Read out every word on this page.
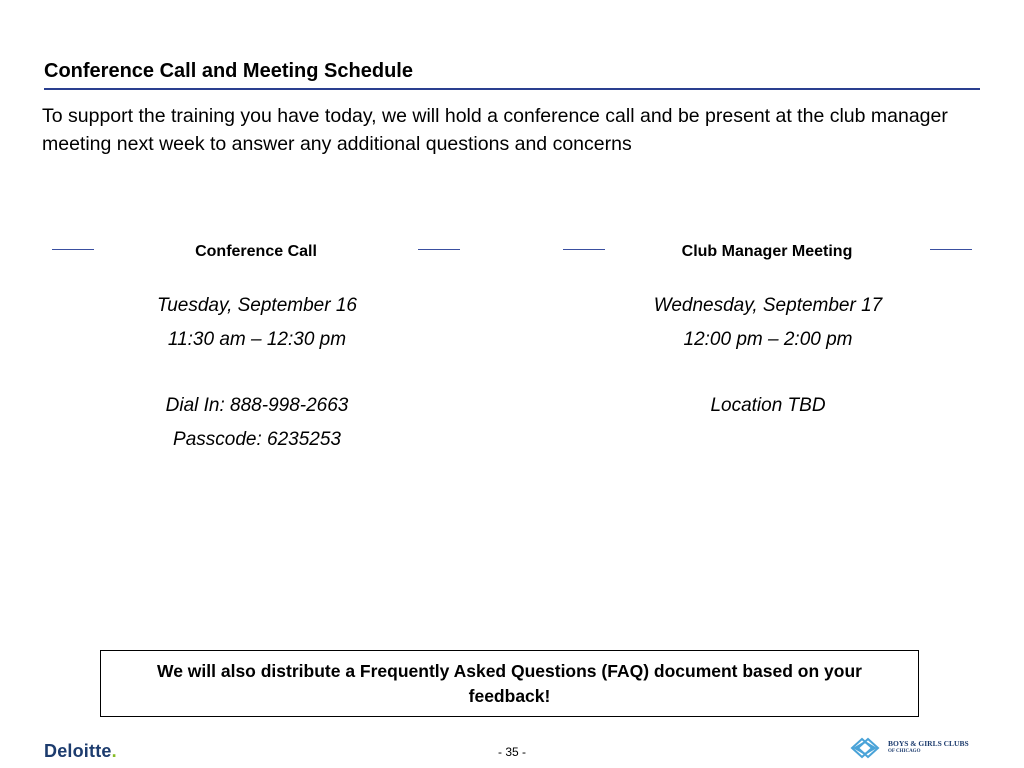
Conference Call and Meeting Schedule
To support the training you have today, we will hold a conference call and be present at the club manager meeting next week to answer any additional questions and concerns
Conference Call
Tuesday, September 16
11:30 am – 12:30 pm
Dial In: 888-998-2663
Passcode: 6235253
Club Manager Meeting
Wednesday, September 17
12:00 pm – 2:00 pm
Location TBD
We will also distribute a Frequently Asked Questions (FAQ) document based on your feedback!
Deloitte.	- 35 -
BOYS & GIRLS CLUBS
OF CHICAGO
